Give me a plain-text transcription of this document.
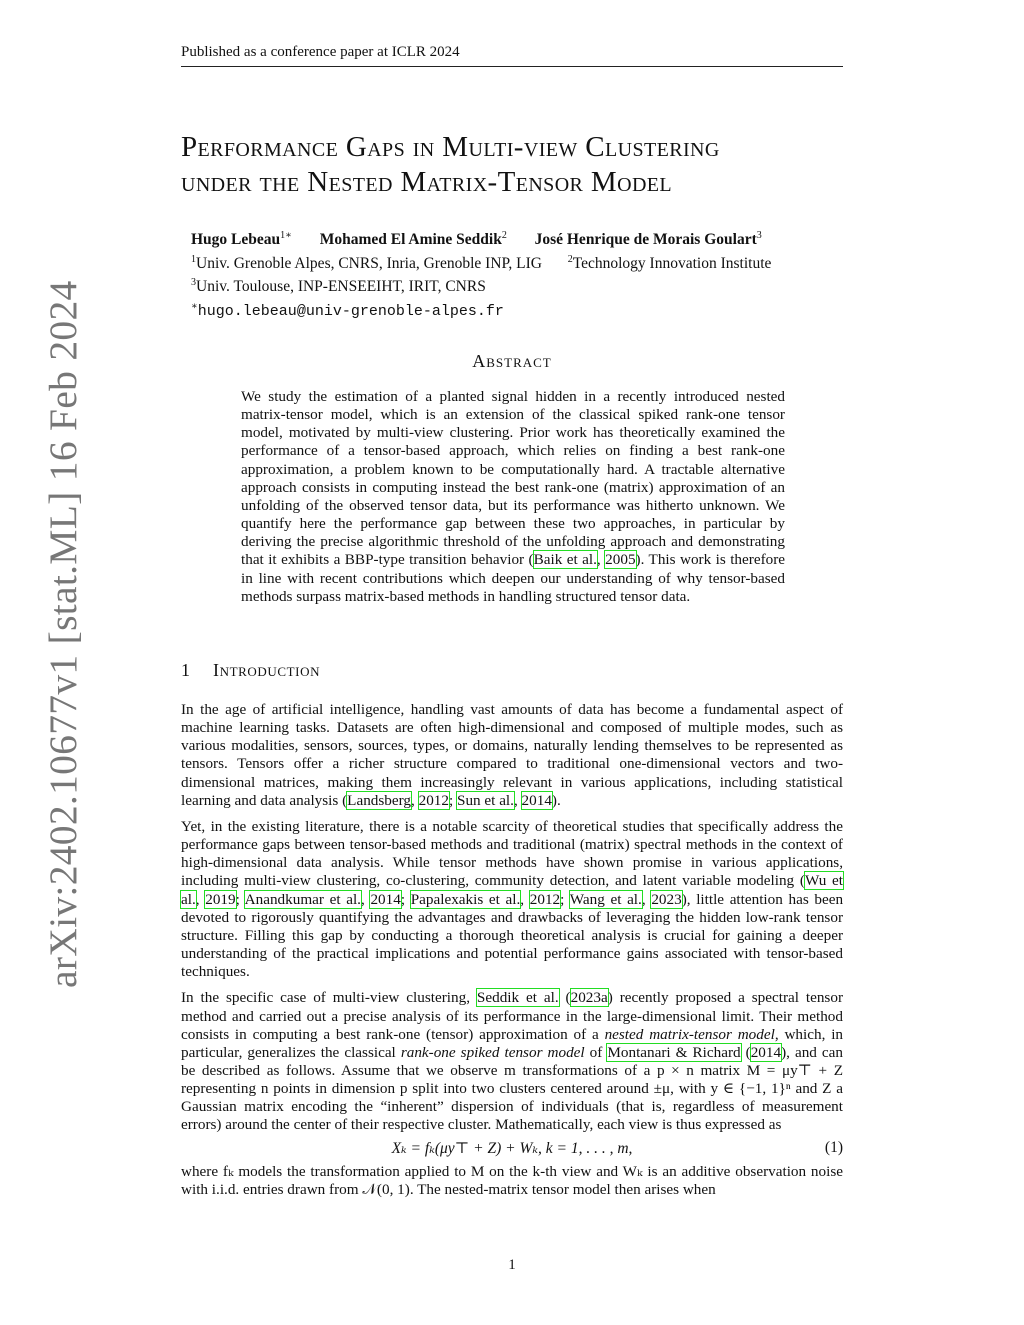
Published as a conference paper at ICLR 2024
arXiv:2402.10677v1 [stat.ML] 16 Feb 2024
Performance Gaps in Multi-view Clustering
under the Nested Matrix-Tensor Model
Hugo Lebeau$^{1∗}$ Mohamed El Amine Seddik$^2$ José Henrique de Morais Goulart$^3$
$^1$Univ. Grenoble Alpes, CNRS, Inria, Grenoble INP, LIG	$^2$Technology Innovation Institute
$^3$Univ. Toulouse, INP-ENSEEIHT, IRIT, CNRS
∗hugo.lebeau@univ-grenoble-alpes.fr
Abstract

We study the estimation of a planted signal hidden in a recently introduced nested matrix-tensor model, which is an extension of the classical spiked rank-one tensor model, motivated by multi-view clustering. Prior work has theoretically examined the performance of a tensor-based approach, which relies on finding a best rank-one approximation, a problem known to be computationally hard. A tractable alternative approach consists in computing instead the best rank-one (matrix) approximation of an unfolding of the observed tensor data, but its performance was hitherto unknown. We quantify here the performance gap between these two approaches, in particular by deriving the precise algorithmic threshold of the unfolding approach and demonstrating that it exhibits a BBP-type transition behavior (Baik et al., 2005). This work is therefore in line with recent contributions which deepen our understanding of why tensor-based methods surpass matrix-based methods in handling structured tensor data.

1 Introduction

In the age of artificial intelligence, handling vast amounts of data has become a fundamental aspect of machine learning tasks. Datasets are often high-dimensional and composed of multiple modes, such as various modalities, sensors, sources, types, or domains, naturally lending themselves to be represented as tensors. Tensors offer a richer structure compared to traditional one-dimensional vectors and two-dimensional matrices, making them increasingly relevant in various applications, including statistical learning and data analysis (Landsberg, 2012; Sun et al., 2014).

Yet, in the existing literature, there is a notable scarcity of theoretical studies that specifically address the performance gaps between tensor-based methods and traditional (matrix) spectral methods in the context of high-dimensional data analysis. While tensor methods have shown promise in various applications, including multi-view clustering, co-clustering, community detection, and latent variable modeling (Wu et al., 2019; Anandkumar et al., 2014; Papalexakis et al., 2012; Wang et al., 2023), little attention has been devoted to rigorously quantifying the advantages and drawbacks of leveraging the hidden low-rank tensor structure. Filling this gap by conducting a thorough theoretical analysis is crucial for gaining a deeper understanding of the practical implications and potential performance gains associated with tensor-based techniques.

In the specific case of multi-view clustering, Seddik et al. (2023a) recently proposed a spectral tensor method and carried out a precise analysis of its performance in the large-dimensional limit. Their method consists in computing a best rank-one (tensor) approximation of a nested matrix-tensor model, which, in particular, generalizes the classical rank-one spiked tensor model of Montanari & Richard (2014), and can be described as follows. Assume that we observe m transformations of a p × n matrix M = μy⊤ + Z representing n points in dimension p split into two clusters centered around ±μ, with y ∈ {−1, 1}ⁿ and Z a Gaussian matrix encoding the “inherent” dispersion of individuals (that is, regardless of measurement errors) around the center of their respective cluster. Mathematically, each view is thus expressed as

Xₖ = fₖ(μy⊤ + Z) + Wₖ, k = 1, . . . , m,	(1)

where fₖ models the transformation applied to M on the k-th view and Wₖ is an additive observation noise with i.i.d. entries drawn from 𝒩(0, 1). The nested-matrix tensor model then arises when

1
